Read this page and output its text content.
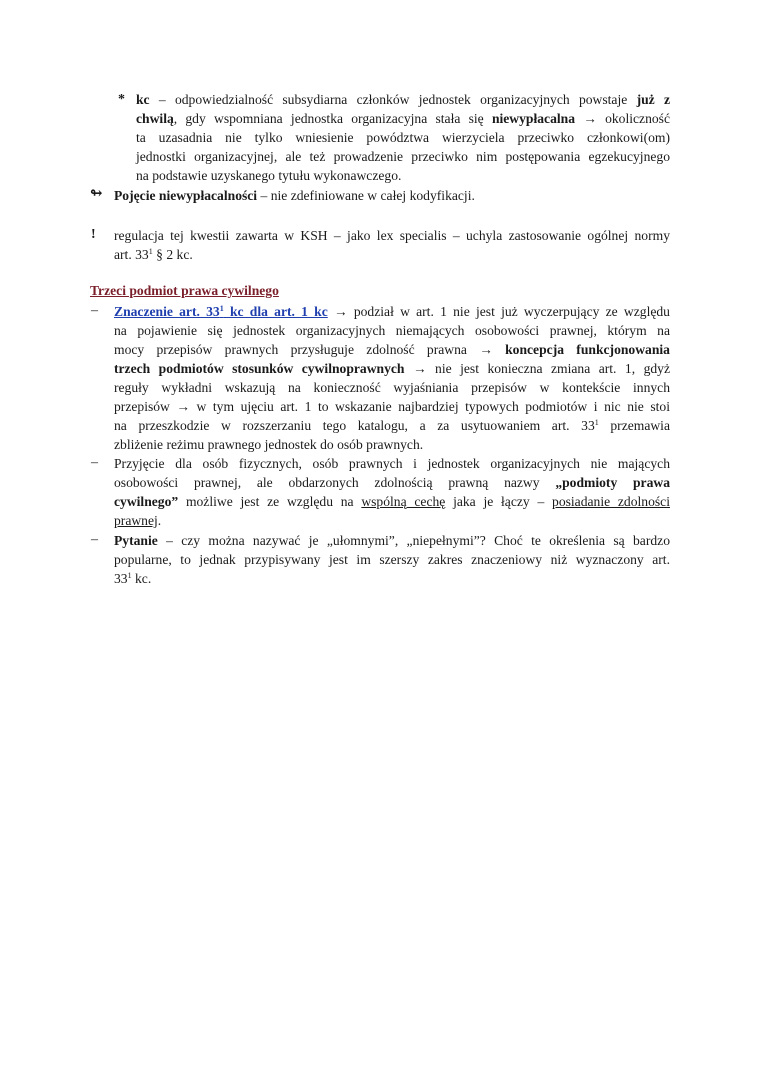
* kc – odpowiedzialność subsydiarna członków jednostek organizacyjnych powstaje już z
chwilą, gdy wspomniana jednostka organizacyjna stała się niewypłacalna → okoliczność
ta uzasadnia nie tylko wniesienie powództwa wierzyciela przeciwko członkowi(om)
jednostki organizacyjnej, ale też prowadzenie przeciwko nim postępowania egzekucyjnego
na podstawie uzyskanego tytułu wykonawczego.
↬ Pojęcie niewypłacalności – nie zdefiniowane w całej kodyfikacji.
! regulacja tej kwestii zawarta w KSH – jako lex specialis – uchyla zastosowanie ogólnej normy
art. $33^1$ § 2 kc.
Trzeci podmiot prawa cywilnego
– Znaczenie art. $33^1$ kc dla art. 1 kc → podział w art. 1 nie jest już wyczerpujący ze względu
na pojawienie się jednostek organizacyjnych niemających osobowości prawnej, którym na
mocy przepisów prawnych przysługuje zdolność prawna → koncepcja funkcjonowania
trzech podmiotów stosunków cywilnoprawnych → nie jest konieczna zmiana art. 1, gdyż
reguły wykładni wskazują na konieczność wyjaśniania przepisów w kontekście innych
przepisów → w tym ujęciu art. 1 to wskazanie najbardziej typowych podmiotów i nic nie stoi
na przeszkodzie w rozszerzaniu tego katalogu, a za usytuowaniem art. $33^1$ przemawia
zbliżenie reżimu prawnego jednostek do osób prawnych.
– Przyjęcie dla osób fizycznych, osób prawnych i jednostek organizacyjnych nie mających
osobowości prawnej, ale obdarzonych zdolnością prawną nazwy „podmioty prawa
cywilnego” możliwe jest ze względu na wspólną cechę jaka je łączy – posiadanie zdolności
prawnej.
– Pytanie – czy można nazywać je „ułomnymi”, „niepełnymi”? Choć te określenia są bardzo
popularne, to jednak przypisywany jest im szerszy zakres znaczeniowy niż wyznaczony art.
$33^1$ kc.
